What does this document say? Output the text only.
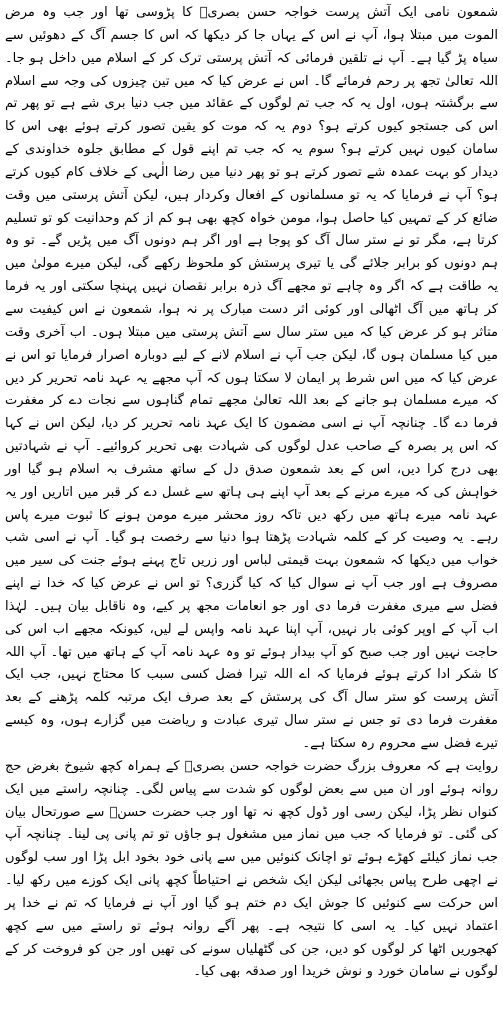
شمعون نامی ایک آتش پرست خواجہ حسن بصریؒ کا پڑوسی تھا اور جب وہ مرض الموت میں مبتلا ہوا، آپ نے اس کے یہاں جا کر دیکھا کہ اس کا جسم آگ کے دھوئیں سے سیاہ پڑ گیا ہے۔ آپ نے تلقین فرمائی کہ آتش پرستی ترک کر کے اسلام میں داخل ہو جا۔ اللہ تعالیٰ تجھ پر رحم فرمائے گا۔ اس نے عرض کیا کہ میں تین چیزوں کی وجہ سے اسلام سے برگشتہ ہوں، اول یہ کہ جب تم لوگوں کے عقائد میں جب دنیا بری شے ہے تو پھر تم اس کی جستجو کیوں کرتے ہو؟ دوم یہ کہ موت کو یقین تصور کرتے ہوئے بھی اس کا سامان کیوں نہیں کرتے ہو؟ سوم یہ کہ جب تم اپنے قول کے مطابق جلوہ خداوندی کے دیدار کو بہت عمدہ شے تصور کرتے ہو تو پھر دنیا میں رضا الٰہی کے خلاف کام کیوں کرتے ہو؟ آپ نے فرمایا کہ یہ تو مسلمانوں کے افعال وکردار ہیں، لیکن آتش پرستی میں وقت ضائع کر کے تمہیں کیا حاصل ہوا، مومن خواہ کچھ بھی ہو کم از کم وحدانیت کو تو تسلیم کرتا ہے، مگر تو نے ستر سال آگ کو پوجا ہے اور اگر ہم دونوں آگ میں پڑیں گے۔ تو وہ ہم دونوں کو برابر جلائے گی یا تیری پرستش کو ملحوظ رکھے گی، لیکن میرے مولیٰ میں یہ طاقت ہے کہ اگر وہ چاہے تو مجھے آگ ذرہ برابر نقصان نہیں پہنچا سکتی اور یہ فرما کر ہاتھ میں آگ اٹھالی اور کوئی اثر دست مبارک پر نہ ہوا، شمعون نے اس کیفیت سے متاثر ہو کر عرض کیا کہ میں ستر سال سے آتش پرستی میں مبتلا ہوں۔ اب آخری وقت میں کیا مسلمان ہوں گا، لیکن جب آپ نے اسلام لانے کے لیے دوبارہ اصرار فرمایا تو اس نے عرض کیا کہ میں اس شرط پر ایمان لا سکتا ہوں کہ آپ مجھے یہ عہد نامہ تحریر کر دیں کہ میرے مسلمان ہو جانے کے بعد اللہ تعالیٰ مجھے تمام گناہوں سے نجات دے کر مغفرت فرما دے گا۔ چنانچہ آپ نے اسی مضمون کا ایک عہد نامہ تحریر کر دیا، لیکن اس نے کہا کہ اس پر بصرہ کے صاحب عدل لوگوں کی شہادت بھی تحریر کروائیے۔ آپ نے شہادتیں بھی درج کرا دیں، اس کے بعد شمعون صدق دل کے ساتھ مشرف بہ اسلام ہو گیا اور خواہش کی کہ میرے مرنے کے بعد آپ اپنے ہی ہاتھ سے غسل دے کر قبر میں اتاریں اور یہ عہد نامہ میرے ہاتھ میں رکھ دیں تاکہ روز محشر میرے مومن ہونے کا ثبوت میرے پاس رہے۔ یہ وصیت کر کے کلمہ شہادت پڑھتا ہوا دنیا سے رخصت ہو گیا۔ آپ نے اسی شب خواب میں دیکھا کہ شمعون بہت قیمتی لباس اور زریں تاج پہنے ہوئے جنت کی سیر میں مصروف ہے اور جب آپ نے سوال کیا کہ کیا گزری؟ تو اس نے عرض کیا کہ خدا نے اپنے فضل سے میری مغفرت فرما دی اور جو انعامات مجھ پر کیے، وہ ناقابل بیان ہیں۔ لہٰذا اب آپ کے اوپر کوئی بار نہیں، آپ اپنا عہد نامہ واپس لے لیں، کیونکہ مجھے اب اس کی حاجت نہیں اور جب صبح کو آپ بیدار ہوئے تو وہ عہد نامہ آپ کے ہاتھ میں تھا۔ آپ اللہ کا شکر ادا کرتے ہوئے فرمایا کہ اے اللہ تیرا فضل کسی سبب کا محتاج نہیں، جب ایک آتش پرست کو ستر سال آگ کی پرستش کے بعد صرف ایک مرتبہ کلمہ پڑھنے کے بعد مغفرت فرما دی تو جس نے ستر سال تیری عبادت و ریاضت میں گزارے ہوں، وہ کیسے تیرے فضل سے محروم رہ سکتا ہے۔

روایت ہے کہ معروف بزرگ حضرت خواجہ حسن بصریؒ کے ہمراہ کچھ شیوخ بغرض حج روانہ ہوئے اور ان میں سے بعض لوگوں کو شدت سے پیاس لگی۔ چنانچہ راستے میں ایک کنواں نظر پڑا، لیکن رسی اور ڈول کچھ نہ تھا اور جب حضرت حسنؒ سے صورتحال بیان کی گئی۔ تو فرمایا کہ جب میں نماز میں مشغول ہو جاؤں تو تم پانی پی لینا۔ چنانچہ آپ جب نماز کیلئے کھڑے ہوئے تو اچانک کنوئیں میں سے پانی خود بخود ابل پڑا اور سب لوگوں نے اچھی طرح پیاس بجھائی لیکن ایک شخص نے احتیاطاً کچھ پانی ایک کوزے میں رکھ لیا۔ اس حرکت سے کنوئیں کا جوش ایک دم ختم ہو گیا اور آپ نے فرمایا کہ تم نے خدا پر اعتماد نہیں کیا۔ یہ اسی کا نتیجہ ہے۔ پھر آگے روانہ ہوئے تو راستے میں سے کچھ کھجوریں اٹھا کر لوگوں کو دیں، جن کی گٹھلیاں سونے کی تھیں اور جن کو فروخت کر کے لوگوں نے سامان خورد و نوش خریدا اور صدقہ بھی کیا۔
